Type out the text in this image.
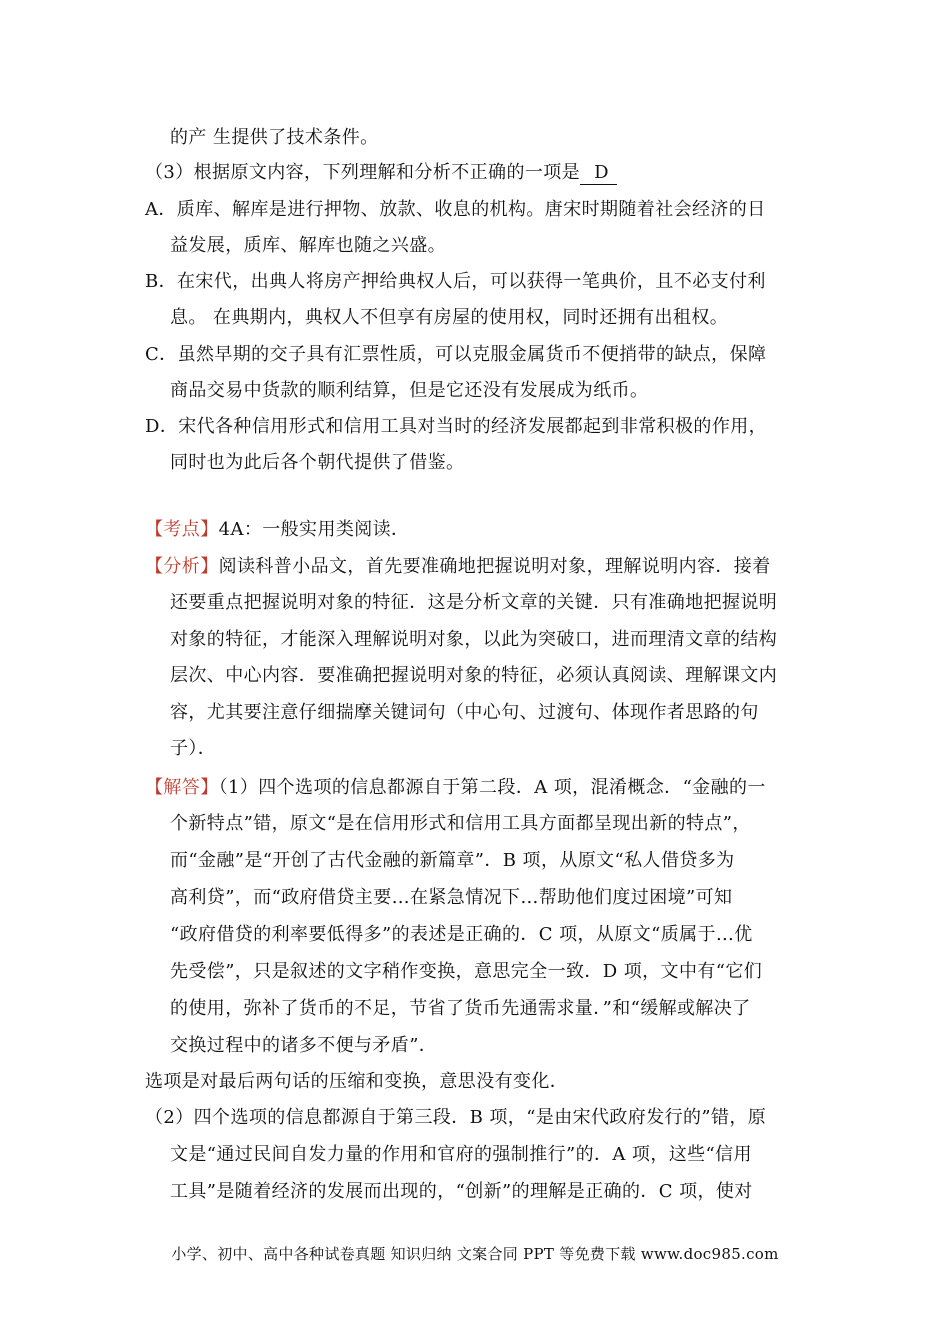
的产 生提供了技术条件。
（3）根据原文内容，下列理解和分析不正确的一项是 D
A．质库、解库是进行押物、放款、收息的机构。唐宋时期随着社会经济的日
益发展，质库、解库也随之兴盛。
B．在宋代，出典人将房产押给典权人后，可以获得一笔典价，且不必支付利
息。 在典期内，典权人不但享有房屋的使用权，同时还拥有出租权。
C．虽然早期的交子具有汇票性质，可以克服金属货币不便捎带的缺点，保障
商品交易中货款的顺利结算，但是它还没有发展成为纸币。
D．宋代各种信用形式和信用工具对当时的经济发展都起到非常积极的作用，
同时也为此后各个朝代提供了借鉴。
【考点】4A：一般实用类阅读．
【分析】阅读科普小品文，首先要准确地把握说明对象，理解说明内容．接着
还要重点把握说明对象的特征．这是分析文章的关键．只有准确地把握说明
对象的特征，才能深入理解说明对象，以此为突破口，进而理清文章的结构
层次、中心内容．要准确把握说明对象的特征，必须认真阅读、理解课文内
容，尤其要注意仔细揣摩关键词句（中心句、过渡句、体现作者思路的句
子）．
【解答】（1）四个选项的信息都源自于第二段．A 项，混淆概念．“金融的一
个新特点”错，原文“是在信用形式和信用工具方面都呈现出新的特点”，
而“金融”是“开创了古代金融的新篇章”．B 项，从原文“私人借贷多为
高利贷”，而“政府借贷主要…在紧急情况下…帮助他们度过困境”可知
“政府借贷的利率要低得多”的表述是正确的．C 项，从原文“质属于…优
先受偿”，只是叙述的文字稍作变换，意思完全一致．D 项，文中有“它们
的使用，弥补了货币的不足，节省了货币先通需求量．”和“缓解或解决了
交换过程中的诸多不便与矛盾”．
选项是对最后两句话的压缩和变换，意思没有变化．
（2）四个选项的信息都源自于第三段．B 项，“是由宋代政府发行的”错，原
文是“通过民间自发力量的作用和官府的强制推行”的．A 项，这些“信用
工具”是随着经济的发展而出现的，“创新”的理解是正确的．C 项，使对
小学、初中、高中各种试卷真题 知识归纳 文案合同 PPT 等免费下载 www.doc985.com
